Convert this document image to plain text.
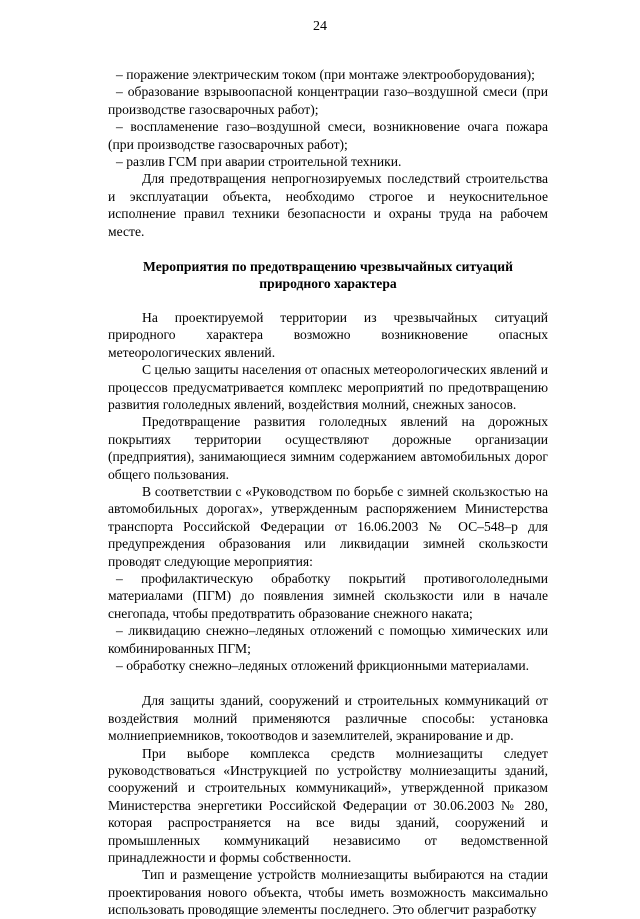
24

– поражение электрическим током (при монтаже электрооборудования);

– образование взрывоопасной концентрации газо–воздушной смеси (при производстве газосварочных работ);

– воспламенение газо–воздушной смеси, возникновение очага пожара (при производстве газосварочных работ);

– разлив ГСМ при аварии строительной техники.

Для предотвращения непрогнозируемых последствий строительства и эксплуатации объекта, необходимо строгое и неукоснительное исполнение правил техники безопасности и охраны труда на рабочем месте.

Мероприятия по предотвращению чрезвычайных ситуаций
природного характера

На проектируемой территории из чрезвычайных ситуаций природного характера возможно возникновение опасных метеорологических явлений.

С целью защиты населения от опасных метеорологических явлений и процессов предусматривается комплекс мероприятий по предотвращению развития гололедных явлений, воздействия молний, снежных заносов.

Предотвращение развития гололедных явлений на дорожных покрытиях территории осуществляют дорожные организации (предприятия), занимающиеся зимним содержанием автомобильных дорог общего пользования.

В соответствии с «Руководством по борьбе с зимней скользкостью на автомобильных дорогах», утвержденным распоряжением Министерства транспорта Российской Федерации от 16.06.2003 № ОС–548–р для предупреждения образования или ликвидации зимней скользкости проводят следующие мероприятия:

– профилактическую обработку покрытий противогололедными материалами (ПГМ) до появления зимней скользкости или в начале снегопада, чтобы предотвратить образование снежного наката;

– ликвидацию снежно–ледяных отложений с помощью химических или комбинированных ПГМ;

– обработку снежно–ледяных отложений фрикционными материалами.

Для защиты зданий, сооружений и строительных коммуникаций от воздействия молний применяются различные способы: установка молниеприемников, токоотводов и заземлителей, экранирование и др.

При выборе комплекса средств молниезащиты следует руководствоваться «Инструкцией по устройству молниезащиты зданий, сооружений и строительных коммуникаций», утвержденной приказом Министерства энергетики Российской Федерации от 30.06.2003 № 280, которая распространяется на все виды зданий, сооружений и промышленных коммуникаций независимо от ведомственной принадлежности и формы собственности.

Тип и размещение устройств молниезащиты выбираются на стадии проектирования нового объекта, чтобы иметь возможность максимально использовать проводящие элементы последнего. Это облегчит разработку
